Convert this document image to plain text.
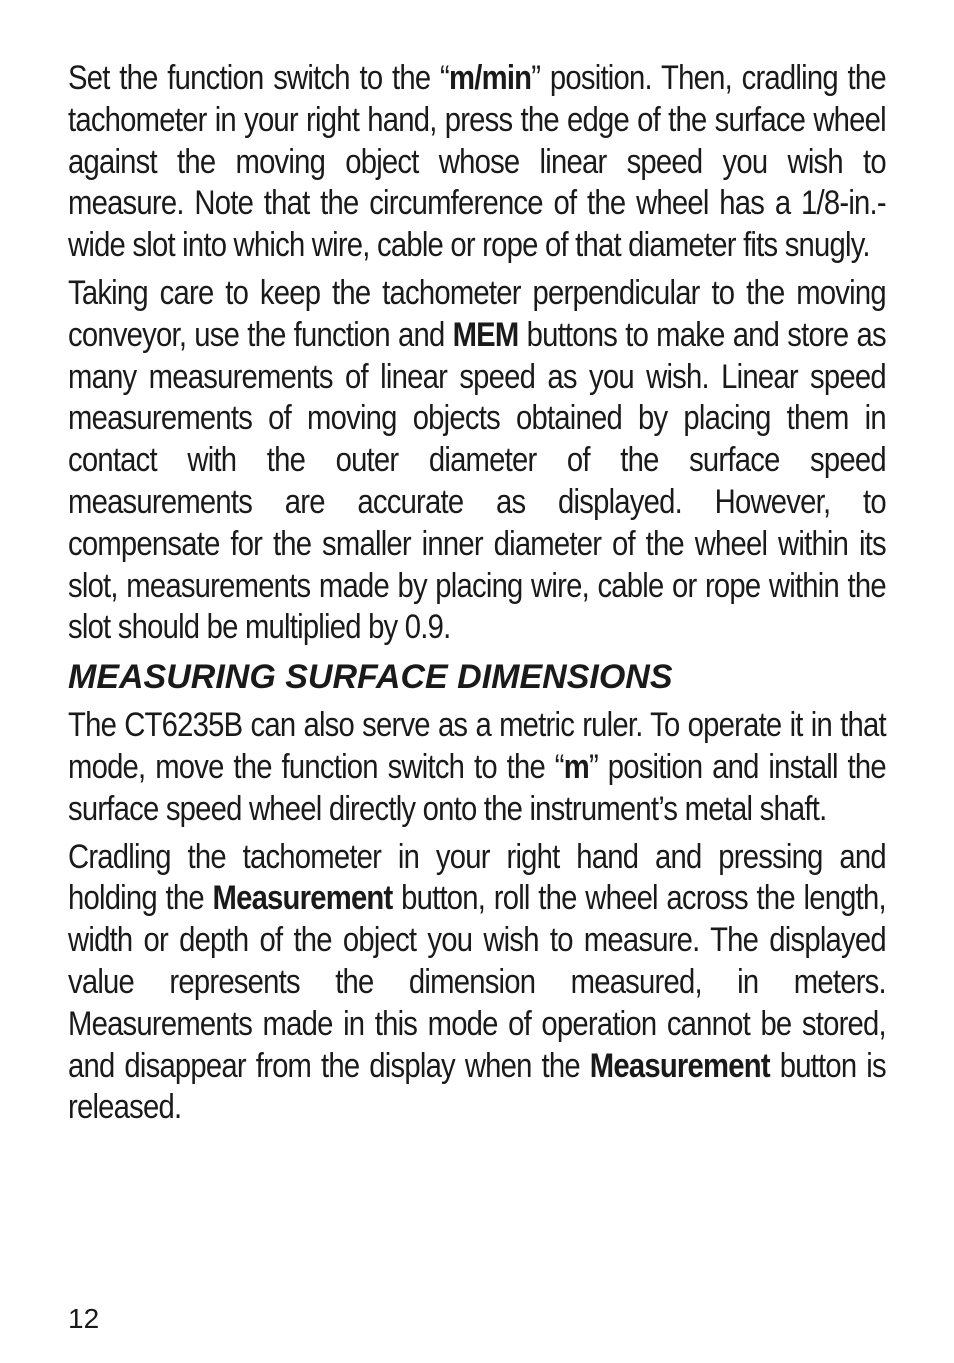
Set the function switch to the “m/min” position. Then, cradling the tachometer in your right hand, press the edge of the surface wheel against the moving object whose linear speed you wish to measure. Note that the circumference of the wheel has a 1/8-in.-wide slot into which wire, cable or rope of that diameter fits snugly.

Taking care to keep the tachometer perpendicular to the moving conveyor, use the function and MEM buttons to make and store as many measurements of linear speed as you wish. Linear speed measurements of moving objects obtained by placing them in contact with the outer diameter of the surface speed measurements are accurate as displayed. However, to compensate for the smaller inner diameter of the wheel within its slot, measurements made by placing wire, cable or rope within the slot should be multiplied by 0.9.

MEASURING SURFACE DIMENSIONS

The CT6235B can also serve as a metric ruler. To operate it in that mode, move the function switch to the “m” position and install the surface speed wheel directly onto the instrument’s metal shaft.

Cradling the tachometer in your right hand and pressing and holding the Measurement button, roll the wheel across the length, width or depth of the object you wish to measure. The displayed value represents the dimension measured, in meters. Measurements made in this mode of operation cannot be stored, and disappear from the display when the Measurement button is released.

12
